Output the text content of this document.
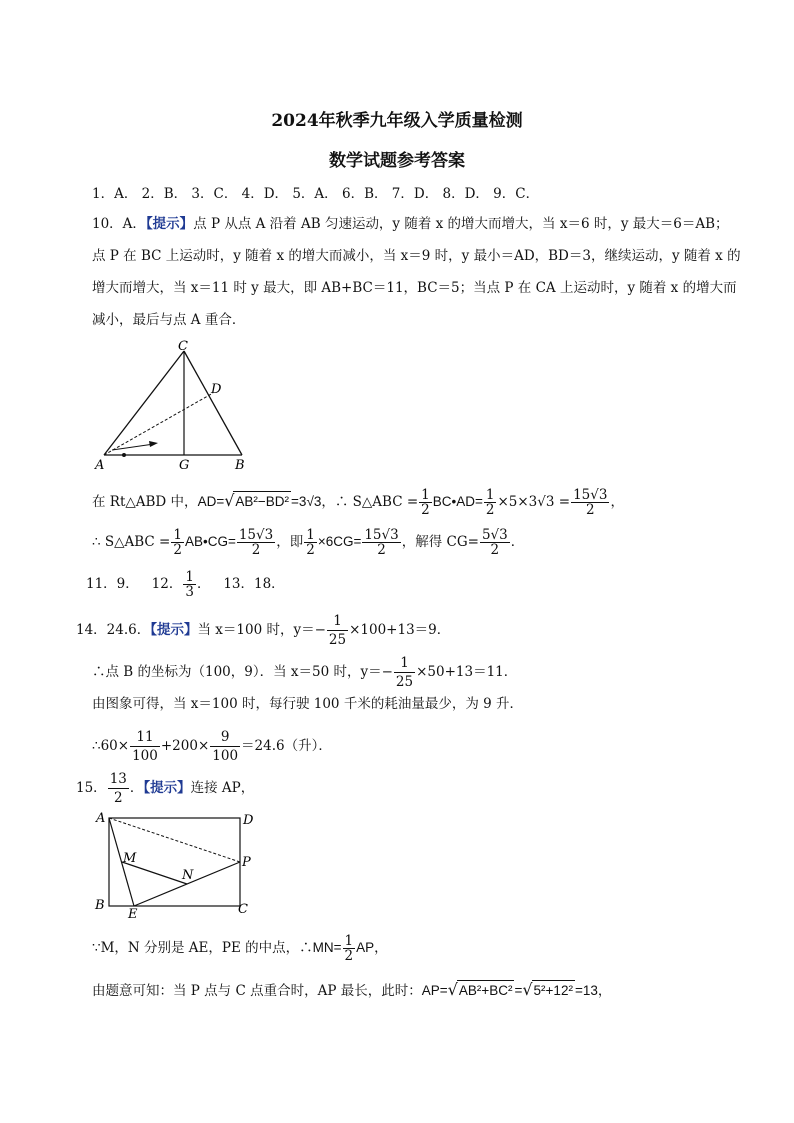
2024年秋季九年级入学质量检测
数学试题参考答案
1．A． 2．B． 3．C． 4．D． 5．A． 6．B． 7．D． 8．D． 9．C．
10．A．【提示】点 P 从点 A 沿着 AB 匀速运动，y 随着 x 的增大而增大，当 x＝6 时，y 最大＝6＝AB；
点 P 在 BC 上运动时，y 随着 x 的增大而减小，当 x＝9 时，y 最小＝AD，BD＝3，继续运动，y 随着 x 的
增大而增大，当 x＝11 时 y 最大，即 AB+BC＝11，BC＝5；当点 P 在 CA 上运动时，y 随着 x 的增大而
减小，最后与点 A 重合．
C
D
A	G	B
在 Rt△ABD 中，AD=√AB²−BD² =3√3，∴ S△ABC = $\frac{1}{2}$ BC•AD= $\frac{1}{2} \times 5\times 3√3 = \frac{15√3}{2}$ ，
∴ S△ABC = $\frac{1}{2}$ AB•CG= $\frac{15√3}{2}$ ，即 $\frac{1}{2} \times 6CG= \frac{15√3}{2}$ ，解得 $CG= \frac{5√3}{2}$ ．
11．9． 12． $\frac{1}{3}$ ． 13．18．
14．24.6．【提示】当 x＝100 时，$y=- \frac{1}{25} \times 100+13=9$．
∴点 B 的坐标为（100，9）．当 x＝50 时，$y=- \frac{1}{25} \times 50+13=11$．
由图象可得，当 x＝100 时，每行驶 100 千米的耗油量最少，为 9 升．
∴60× $\frac{11}{100} +200\times \frac{9}{100} =24.6$（升）．
15． $\frac{13}{2}$ ．【提示】连接 AP，
A	D
M
N
P
B
E	C
∵M，N 分别是 AE，PE 的中点，∴MN= $\frac{1}{2}$ AP，
由题意可知：当 P 点与 C 点重合时，AP 最长，此时：AP=√AB²+BC² =√5²+12² =13，
